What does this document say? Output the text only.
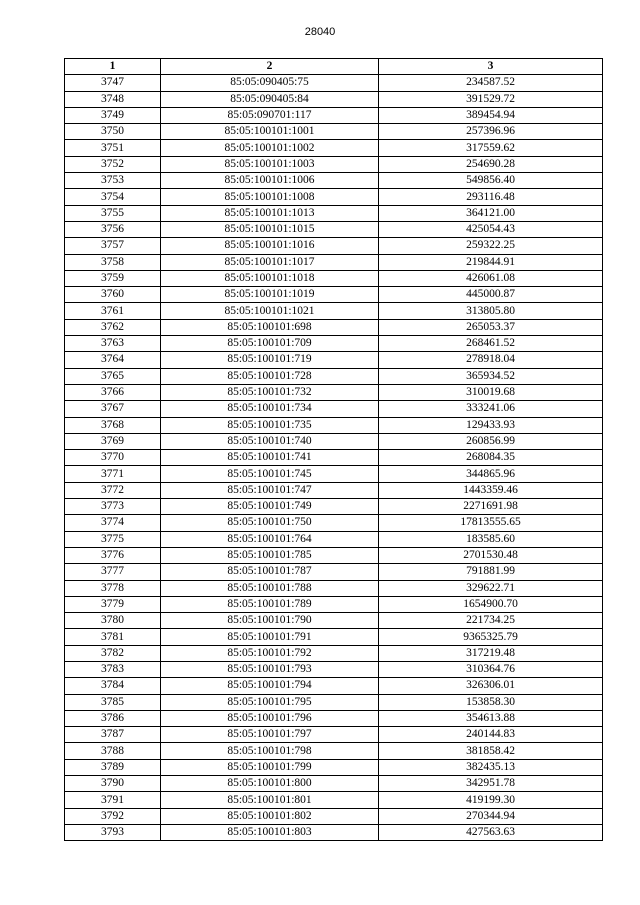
28040
1	2	3
3747	85:05:090405:75	234587.52
3748	85:05:090405:84	391529.72
3749	85:05:090701:117	389454.94
3750	85:05:100101:1001	257396.96
3751	85:05:100101:1002	317559.62
3752	85:05:100101:1003	254690.28
3753	85:05:100101:1006	549856.40
3754	85:05:100101:1008	293116.48
3755	85:05:100101:1013	364121.00
3756	85:05:100101:1015	425054.43
3757	85:05:100101:1016	259322.25
3758	85:05:100101:1017	219844.91
3759	85:05:100101:1018	426061.08
3760	85:05:100101:1019	445000.87
3761	85:05:100101:1021	313805.80
3762	85:05:100101:698	265053.37
3763	85:05:100101:709	268461.52
3764	85:05:100101:719	278918.04
3765	85:05:100101:728	365934.52
3766	85:05:100101:732	310019.68
3767	85:05:100101:734	333241.06
3768	85:05:100101:735	129433.93
3769	85:05:100101:740	260856.99
3770	85:05:100101:741	268084.35
3771	85:05:100101:745	344865.96
3772	85:05:100101:747	1443359.46
3773	85:05:100101:749	2271691.98
3774	85:05:100101:750	17813555.65
3775	85:05:100101:764	183585.60
3776	85:05:100101:785	2701530.48
3777	85:05:100101:787	791881.99
3778	85:05:100101:788	329622.71
3779	85:05:100101:789	1654900.70
3780	85:05:100101:790	221734.25
3781	85:05:100101:791	9365325.79
3782	85:05:100101:792	317219.48
3783	85:05:100101:793	310364.76
3784	85:05:100101:794	326306.01
3785	85:05:100101:795	153858.30
3786	85:05:100101:796	354613.88
3787	85:05:100101:797	240144.83
3788	85:05:100101:798	381858.42
3789	85:05:100101:799	382435.13
3790	85:05:100101:800	342951.78
3791	85:05:100101:801	419199.30
3792	85:05:100101:802	270344.94
3793	85:05:100101:803	427563.63
